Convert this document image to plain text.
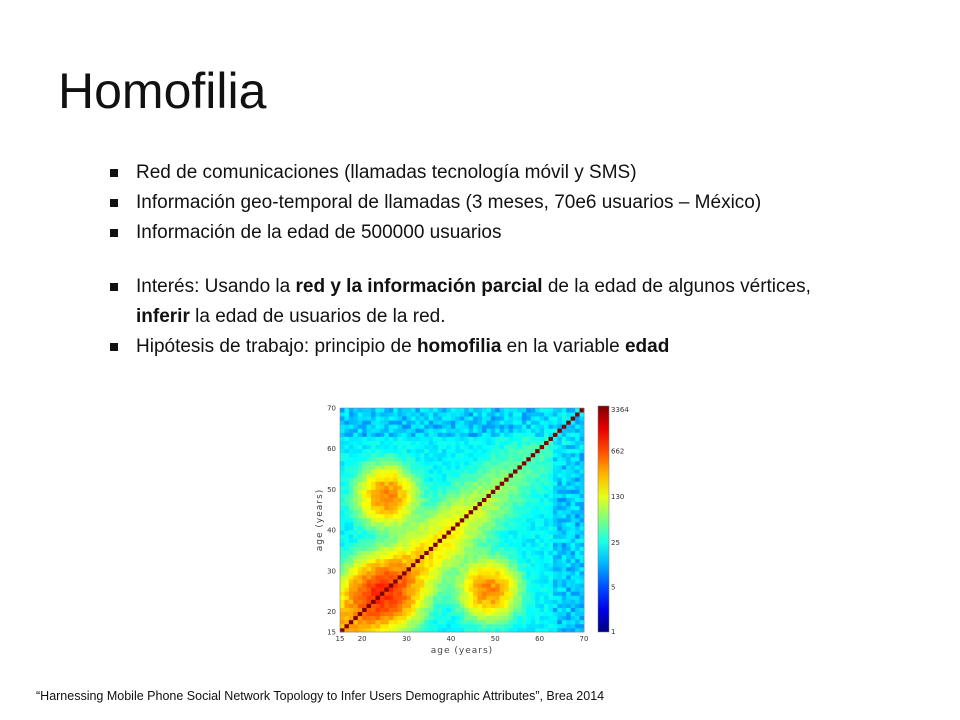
Homofilia
Red de comunicaciones (llamadas tecnología móvil y SMS)
Información geo-temporal de llamadas (3 meses, 70e6 usuarios – México)
Información de la edad de 500000 usuarios
Interés: Usando la red y la información parcial de la edad de algunos vértices,
inferir la edad de usuarios de la red.
Hipótesis de trabajo: principio de homofilia en la variable edad
15 20	30	40	50	60	70
15
20
30
40
50
60
70
age (years)
age (years)
3364
662
130
25
5
1
“Harnessing Mobile Phone Social Network Topology to Infer Users Demographic Attributes”, Brea 2014
